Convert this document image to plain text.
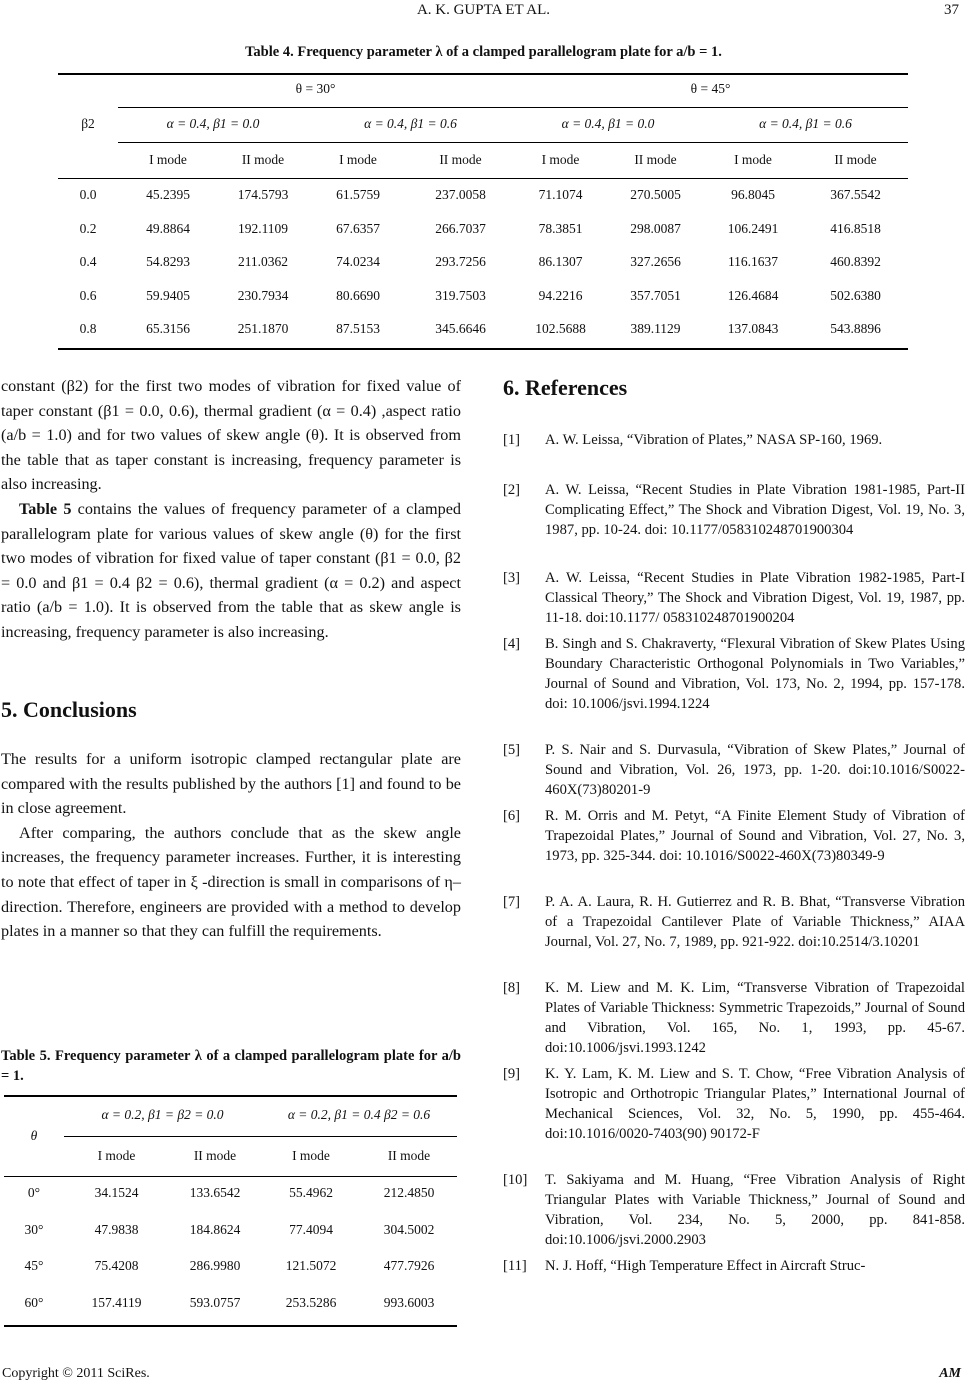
A. K. GUPTA ET AL.	37
Table 4. Frequency parameter λ of a clamped parallelogram plate for a/b = 1.
β2
θ = 30°	θ = 45°
α = 0.4, β1 = 0.0	α = 0.4, β1 = 0.6	α = 0.4, β1 = 0.0	α = 0.4, β1 = 0.6
I mode	II mode	I mode	II mode	I mode	II mode	I mode	II mode
0.0	45.2395	174.5793	61.5759	237.0058	71.1074	270.5005	96.8045	367.5542
0.2	49.8864	192.1109	67.6357	266.7037	78.3851	298.0087	106.2491	416.8518
0.4	54.8293	211.0362	74.0234	293.7256	86.1307	327.2656	116.1637	460.8392
0.6	59.9405	230.7934	80.6690	319.7503	94.2216	357.7051	126.4684	502.6380
0.8	65.3156	251.1870	87.5153	345.6646	102.5688	389.1129	137.0843	543.8896

constant (β2) for the first two modes of vibration for fixed value of taper constant (β1 = 0.0, 0.6), thermal gradient (α = 0.4) ,aspect ratio (a/b = 1.0) and for two values of skew angle (θ). It is observed from the table that as taper constant is increasing, frequency parameter is also increasing.

Table 5 contains the values of frequency parameter of a clamped parallelogram plate for various values of skew angle (θ) for the first two modes of vibration for fixed value of taper constant (β1 = 0.0, β2 = 0.0 and β1 = 0.4 β2 = 0.6), thermal gradient (α = 0.2) and aspect ratio (a/b = 1.0). It is observed from the table that as skew angle is increasing, frequency parameter is also increasing.

5. Conclusions

The results for a uniform isotropic clamped rectangular plate are compared with the results published by the authors [1] and found to be in close agreement.

After comparing, the authors conclude that as the skew angle increases, the frequency parameter increases. Further, it is interesting to note that effect of taper in ξ -direction is small in comparisons of η–direction. Therefore, engineers are provided with a method to develop plates in a manner so that they can fulfill the requirements.

Table 5. Frequency parameter λ of a clamped parallelogram plate for a/b = 1.
θ
α = 0.2, β1 = β2 = 0.0	α = 0.2, β1 = 0.4 β2 = 0.6
I mode	II mode	I mode	II mode
0°	34.1524	133.6542	55.4962	212.4850
30°	47.9838	184.8624	77.4094	304.5002
45°	75.4208	286.9980	121.5072	477.7926
60°	157.4119	593.0757	253.5286	993.6003
6. References
[1] A. W. Leissa, “Vibration of Plates,” NASA SP-160, 1969.
[2] A. W. Leissa, “Recent Studies in Plate Vibration 1981-1985, Part-II Complicating Effect,” The Shock and Vibration Digest, Vol. 19, No. 3, 1987, pp. 10-24. doi: 10.1177/058310248701900304
[3] A. W. Leissa, “Recent Studies in Plate Vibration 1982-1985, Part-I Classical Theory,” The Shock and Vibration Digest, Vol. 19, 1987, pp. 11-18. doi:10.1177/ 058310248701900204
[4] B. Singh and S. Chakraverty, “Flexural Vibration of Skew Plates Using Boundary Characteristic Orthogonal Polynomials in Two Variables,” Journal of Sound and Vibration, Vol. 173, No. 2, 1994, pp. 157-178. doi: 10.1006/jsvi.1994.1224
[5] P. S. Nair and S. Durvasula, “Vibration of Skew Plates,” Journal of Sound and Vibration, Vol. 26, 1973, pp. 1-20. doi:10.1016/S0022-460X(73)80201-9
[6] R. M. Orris and M. Petyt, “A Finite Element Study of Vibration of Trapezoidal Plates,” Journal of Sound and Vibration, Vol. 27, No. 3, 1973, pp. 325-344. doi: 10.1016/S0022-460X(73)80349-9
[7] P. A. A. Laura, R. H. Gutierrez and R. B. Bhat, “Transverse Vibration of a Trapezoidal Cantilever Plate of Variable Thickness,” AIAA Journal, Vol. 27, No. 7, 1989, pp. 921-922. doi:10.2514/3.10201
[8] K. M. Liew and M. K. Lim, “Transverse Vibration of Trapezoidal Plates of Variable Thickness: Symmetric Trapezoids,” Journal of Sound and Vibration, Vol. 165, No. 1, 1993, pp. 45-67. doi:10.1006/jsvi.1993.1242
[9] K. Y. Lam, K. M. Liew and S. T. Chow, “Free Vibration Analysis of Isotropic and Orthotropic Triangular Plates,” International Journal of Mechanical Sciences, Vol. 32, No. 5, 1990, pp. 455-464. doi:10.1016/0020-7403(90) 90172-F
[10] T. Sakiyama and M. Huang, “Free Vibration Analysis of Right Triangular Plates with Variable Thickness,” Journal of Sound and Vibration, Vol. 234, No. 5, 2000, pp. 841-858. doi:10.1006/jsvi.2000.2903
[11] N. J. Hoff, “High Temperature Effect in Aircraft Struc-
Copyright © 2011 SciRes.	AM
